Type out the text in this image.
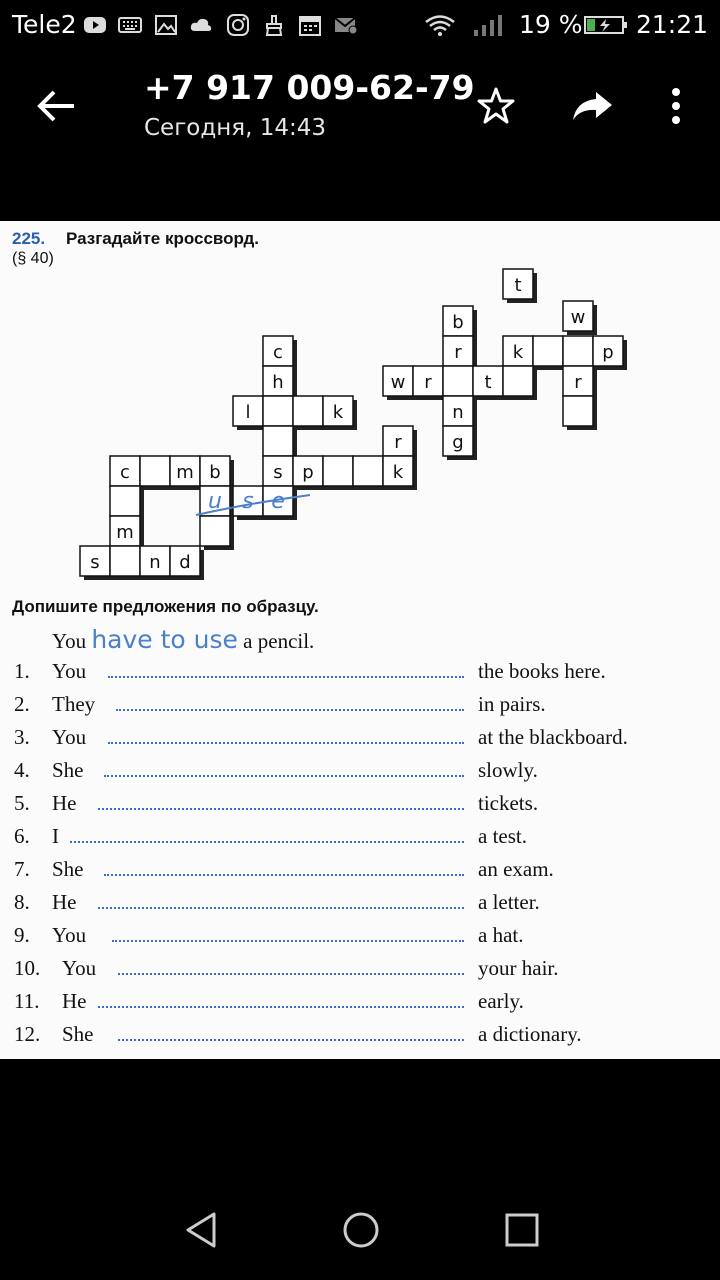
Tele2	19 % 21:21
+7 917 009-62-79
Сегодня, 14:43
225. Разгадайте кроссворд.
(§ 40)
t
b	w
r	k	p
c
h	w r	t	r
l	k	n
r	g
c	m b	s p	k
u s e
m
s	n d
Допишите предложения по образцу.
You have to use a pencil.
1. You	the books here.
2. They	in pairs.
3. You	at the blackboard.
4. She	slowly.
5. He	tickets.
6. I	a test.
7. She	an exam.
8. He	a letter.
9. You	a hat.
10. You	your hair.
11. He	early.
12. She	a dictionary.
